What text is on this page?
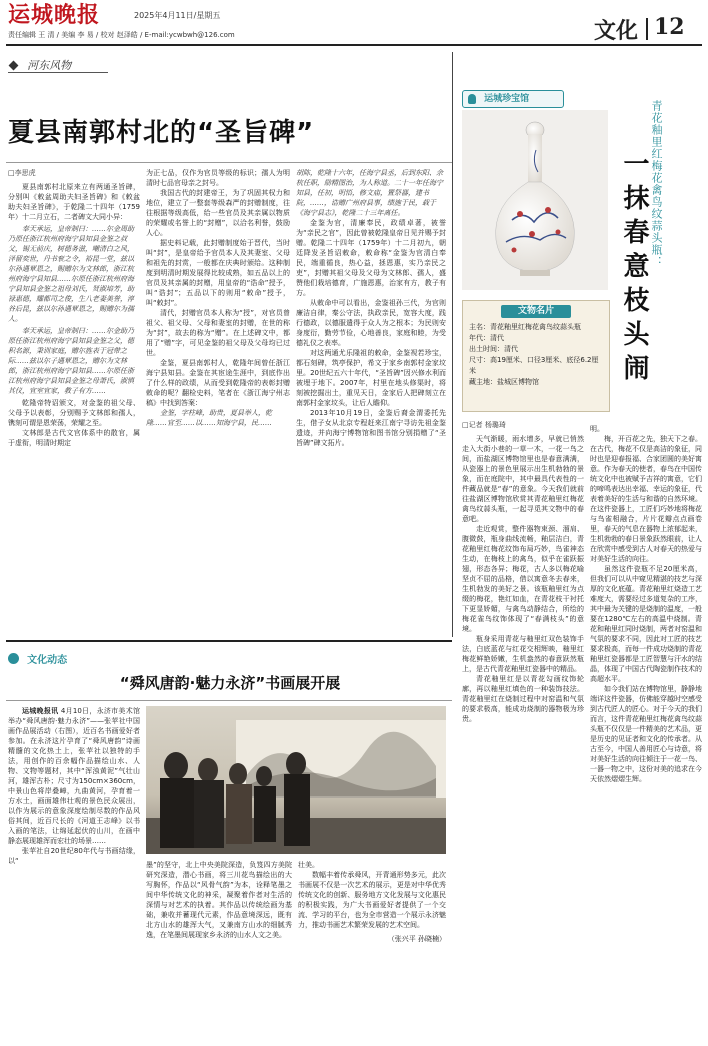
运城晚报	2025年4月11日/星期五
责任编辑 王 清 / 美编 李 易 / 校对 赵泽皓 / E-mail:ycwbwh@126.com	文化 12
河东风物
夏县南郭村北的“圣旨碑”
□李思虎
夏县南郭村北原来立有两通圣旨碑，分别叫《敕盆周助夫妇圣旨碑》和《敕盆助夫妇圣旨碑》，于乾隆二十四年（1759年）十二月立石，二者碑文大同小异：
奉天承运，皇帝制曰：……尔金周助乃原任浙江杭州府海宁县知县金鉴之叔父，锡无前庆，树德务滋，嘲清白之风，泽留奕世，丹书衮之令，裕昆一堂，兹以尔孙遇覃恩之，赐赠尔为文林郎，浙江杭州府海宁县知县……尔原任浙江杭州府海宁县知县金鉴之祖母刘氏，贤淑培芳，助禄惠德，耀都司之俊，生八老妻美誉，淳谷后昆，兹以尔孙遇覃恩之，赐赠尔为孺人。
奉天承运，皇帝制曰：……尔金助乃原任浙江杭州府海宁县知县金鉴之父，德积名源，秉训家庭，赠尔旌表于冠带之际……兹以尔子遇覃恩之，赠尔为文林郎，浙江杭州府海宁县知县……尔原任浙江杭州府海宁县知县金鉴之母萧氏，淑慎其仪，宜室宜家，教子有方……
乾隆帝特诏颁文，对金鉴的祖父母、父母予以表彰，分别赐予文林郎和孺人，镌刻可谓是恩荣荡，荣耀之至。
文林郎是古代文官体系中的散官，属于虚衔，明清时期定
为正七品，仅作为官员等级的标识；孺人为明清时七品官母亲之封号。
我国古代的封建帝王，为了巩固其权力和地位，建立了一整套等级森严的封赠制度，往往根据等级高低，给一些官员及其亲属以物质的荣耀或名誉上的“封赠”，以洽名利誉，鼓励人心。
据史料记载，此封赠制度始于晋代，当时叫“封”，是皇帝给予官员本人及其妻室、父母和祖先的封赏，一般都在庆典时颁给。这种制度到明清时期发展得比较成熟，如五品以上的官员及其亲属的封赠，用皇帝的“诰命”授予，叫“诰封”；五品以下的则用“敕命”授予，叫“敕封”。
清代，封赠官员本人称为“授”，对官员曾祖父、祖父母、父母和妻室的封赠，在世的称为“封”，故去的称为“赠”。在上述碑文中，都用了“赠”字，可见金鉴的祖父母及父母均已过世。
金鉴，夏县南郭村人，乾隆年间曾任浙江海宁县知县。金鉴在其宦途生涯中，到底作出了什么样的政绩，从而受到乾隆帝的表彰封赠敕命的呢？翻检史料，笔者在《浙江海宁州志稿》中找到答案：
金鉴，字柱峰，助贵，夏县举人，乾隆……官至……以……知海宁县，民……
胡陈，乾隆十六年，任海宁县丞，后到东阳、余杭任职，励精图治，为人称道。二十一年任海宁知县，任初，明悟，修文庙，置祭器，建书院，……，诰赠广州府县事，绩施于民，载于《海宁县志》，乾隆二十三年离任。
金鉴为官，清廉奉民，政绩卓著，被誉为“亲民之官”，因此曾被乾隆皇帝日见并赐予封赠。乾隆二十四年（1759年）十二月初九，朝廷降发圣旨诏敕命，敕命称“金鉴为官清白奉民，端重循良，热心益，拯恩惠，实乃亲民之吏”，封赠其祖父母及父母为文林郎、孺人，盛赞他们栽培德育，广施恩惠，治家有方，教子有方。
从敕命中可以看出，金鉴祖孙三代，为官则廉洁自律，秦公守法，执政亲民，宽容大度，践行德政，以德服遣得于众人为之根本；为民则安身度衍，勤劳节俭，心地善良，家庭和睦，为受德礼仪之表率。
对这两通尤乐隆祖的敕命，金鉴视若珍宝，都石刻碑，筑亭保护，希文于家乡南郭村金家坟里。20世纪五六十年代，“圣旨碑”因兴修水利而被埋于地下。2007年，村里在地头修渠时，将刻被挖掘出土，重见天日，金家后人把碑刻立在南郭村金家坟头，让后人瞻仰。
2013年10月19日，金鉴后裔金渭委托先生，借子女从北京专程赶来江南宁寻访先祖金鉴遗迹，并向海宁博物馆和图书馆分别捐赠了“圣旨碑”碑文拓片。
文化动态
“舜风唐韵·魅力永济”书画展开展
运城晚报讯 4月10日，永济市美术馆举办“舜风唐韵·魅力永济”——张苹社中国画作品展活动（右图），近百名书画爱好者参加。在永济这片孕育了“舜风唐韵”诗画精髓的文化热土上，张苹社以独特的手法，用创作的百余幅作品描绘山水、人物、文物等题材，其中“浑浊黄泥”气壮山河，雄浑古朴；尺寸为150cm×360cm，中景山色将岸叠嶂，九曲黄河，孕育着一方水土，画面雄伟壮观的景色民众展出，以作为展示的意象深度绘制尽数的作品风俗其间，近百尺长的《河道王志峰》以书入画的笔法，让绵延起伏的山川，在画中静态展现雄浑而宏壮的场景……
张苹社自20世纪80年代与书画结缘，以“	墨”的坚守，北上中央美院深造，负笈四方美院研究深造，潜心书画，将三川花鸟描绘出的大写胸怀，作品以“风骨气韵”为本，诠释笔墨之间中华传统文化的神采，凝聚着作者对生活的深情与对艺术的执着。其作品以传统绘画为基础，兼收并蓄现代元素，作品意境深远，既有北方山水的雄浑大气，又兼南方山水的细腻秀逸，在笔墨间展现家乡永济的山水人文之美。
壮美。
数幅丰着传承舜风，开青通形势多元，此次书画展不仅是一次艺术的展示，更是对中华优秀传统文化的创新、服务地方文化发展与文化惠民的积极实践，为广大书画爱好者提供了一个交流、学习的平台，也为全市营造一个展示永济魅力，推动书画艺术繁荣发展的艺术空间。
（张兴平 孙晓楠）
$^{运城珍宝馆}$
青花釉里红梅花禽鸟纹蒜头瓶：
一抹春意枝头闹
文物名片
主名：青花釉里红梅花禽鸟纹蒜头瓶
年代：清代
出土时间：清代
尺寸：高19厘米、口径3厘米、底径6.2厘米
藏主地：盐城区博物馆
□记者 杨璐琦
天气渐暖，雨水增多，早就已悄然走入大街小巷的一草一木，一花一鸟之间，而盐湖区博物馆里也是春意满满，从瓷器上的景色里展示出生机勃勃的景象，而在庭院中，其中最具代表性的一件藏品就是“春”的意象。今天我们就前往盐湖区博物馆欣赏其青花釉里红梅花禽鸟纹蒜头瓶，一起寻觅其文物中的春意吧。
走近观赏，整件器物束颈、溜肩、腹微鼓，瓶身曲线流畅，釉层洁白，青花釉里红梅花纹饰布局巧妙，鸟雀神态生动，在梅枝上的禽鸟，似乎在雀跃振翅，形态各异；梅花，古人多以梅花喻坚贞不屈的品格，借以寓意冬去春来，生机勃发的美好之景。该瓶釉里红为点缀的梅花，艳红如血，在青花枝干衬托下更显娇媚，与禽鸟动静结合，所绘的梅花雀鸟纹饰体现了“春满枝头”的意境。
瓶身采用青花与釉里红双色装饰手法，白底蓝花与红花交相辉映，釉里红梅花鲜艳娇嫩，生机盎然的春意跃然瓶上，是古代青花釉里红瓷器中的精品。
青花釉里红是以青花勾画纹饰轮廓，再以釉里红填色的一种装饰技法。青花釉里红在烧制过程中对窑温和气氛的要求极高，能成功烧制的器物极为珍贵。
明。
梅，开百花之先，独天下之春。在古代，梅花不仅是高洁的象征，同时也是迎春报福、合家团圆的美好寓意。作为春天的使者，春鸟在中国传统文化中也被赋予吉祥的寓意，它们的啼鸣表达出幸福、幸运的象征，代表着美好的生活与和谐的自然环境。在这件瓷器上，工匠们巧妙地将梅花与鸟雀相融合，片片花瓣点点画卷里，春天的气息在器物上浓郁起来，生机勃勃的春日景象跃然眼前，让人在欣赏中感受到古人对春天的热爱与对美好生活的向往。
虽然这件瓷瓶不足20厘米高，但我们可以从中窥见精湛的技艺与深厚的文化底蕴。青花釉里红烧造工艺难度大，需要经过多道复杂的工序，其中最为关键的是烧制的温度，一般要在1280℃左右的高温中烧制。青花和釉里红同时烧制，两者对窑温和气氛的要求不同，因此对工匠的技艺要求极高，而每一件成功烧制的青花釉里红瓷器都是工匠智慧与汗水的结晶，体现了中国古代陶瓷制作技术的高超水平。
如今我们站在博物馆里，静静地端详这件瓷器，仿佛能穿越时空感受到古代匠人的匠心。对于今天的我们而言，这件青花釉里红梅花禽鸟纹蒜头瓶不仅仅是一件精美的艺术品，更是历史的见证者和文化的传承者。从古至今，中国人善用匠心与诗意，将对美好生活的向往倾注于一花一鸟、一器一物之中，这份对美的追求在今天依然熠熠生辉。
